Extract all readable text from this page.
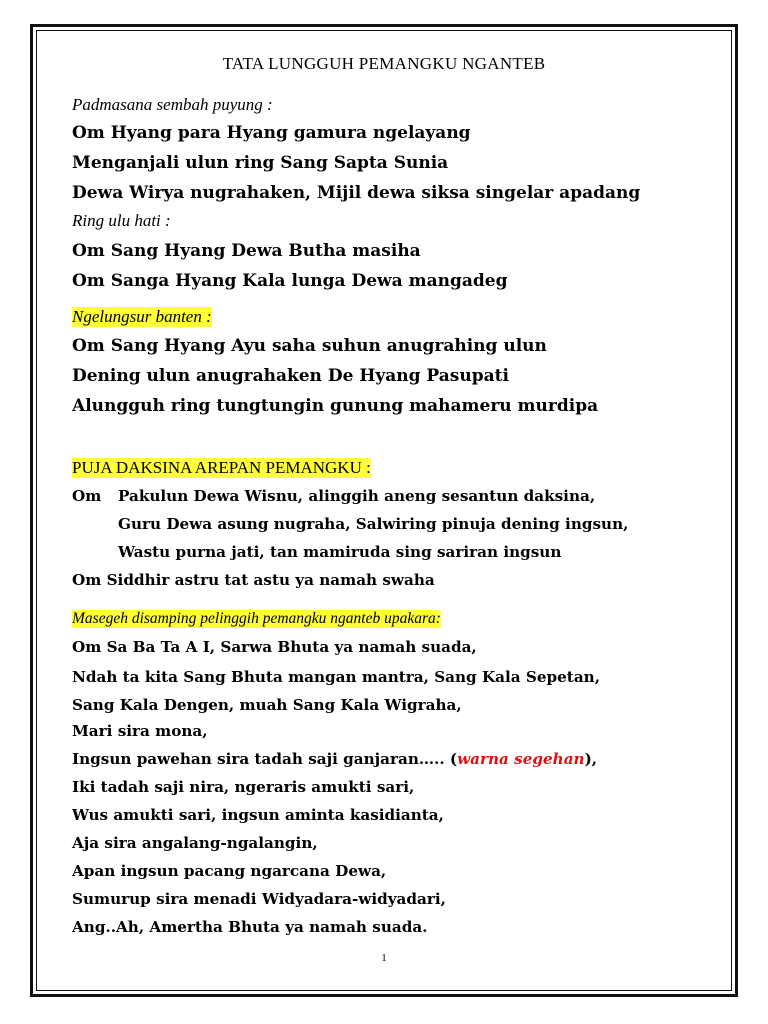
TATA LUNGGUH PEMANGKU NGANTEB
Padmasana sembah puyung :
Om Hyang para Hyang gamura ngelayang
Menganjali ulun ring Sang Sapta Sunia
Dewa Wirya nugrahaken, Mijil dewa siksa singelar apadang
Ring ulu hati :
Om Sang Hyang Dewa Butha masiha
Om Sanga Hyang Kala lunga Dewa mangadeg
Ngelungsur banten :
Om Sang Hyang Ayu saha suhun anugrahing ulun
Dening ulun anugrahaken De Hyang Pasupati
Alungguh ring tungtungin gunung mahameru murdipa
PUJA DAKSINA AREPAN PEMANGKU :
Om Pakulun Dewa Wisnu, alinggih aneng sesantun daksina,
Guru Dewa asung nugraha, Salwiring pinuja dening ingsun,
Wastu purna jati, tan mamiruda sing sariran ingsun
Om Siddhir astru tat astu ya namah swaha
Masegeh disamping pelinggih pemangku nganteb upakara:
Om Sa Ba Ta A I, Sarwa Bhuta ya namah suada,
Ndah ta kita Sang Bhuta mangan mantra, Sang Kala Sepetan,
Sang Kala Dengen, muah Sang Kala Wigraha,
Mari sira mona,
Ingsun pawehan sira tadah saji ganjaran….. (warna segehan),
Iki tadah saji nira, ngeraris amukti sari,
Wus amukti sari, ingsun aminta kasidianta,
Aja sira angalang-ngalangin,
Apan ingsun pacang ngarcana Dewa,
Sumurup sira menadi Widyadara-widyadari,
Ang..Ah, Amertha Bhuta ya namah suada.
1
